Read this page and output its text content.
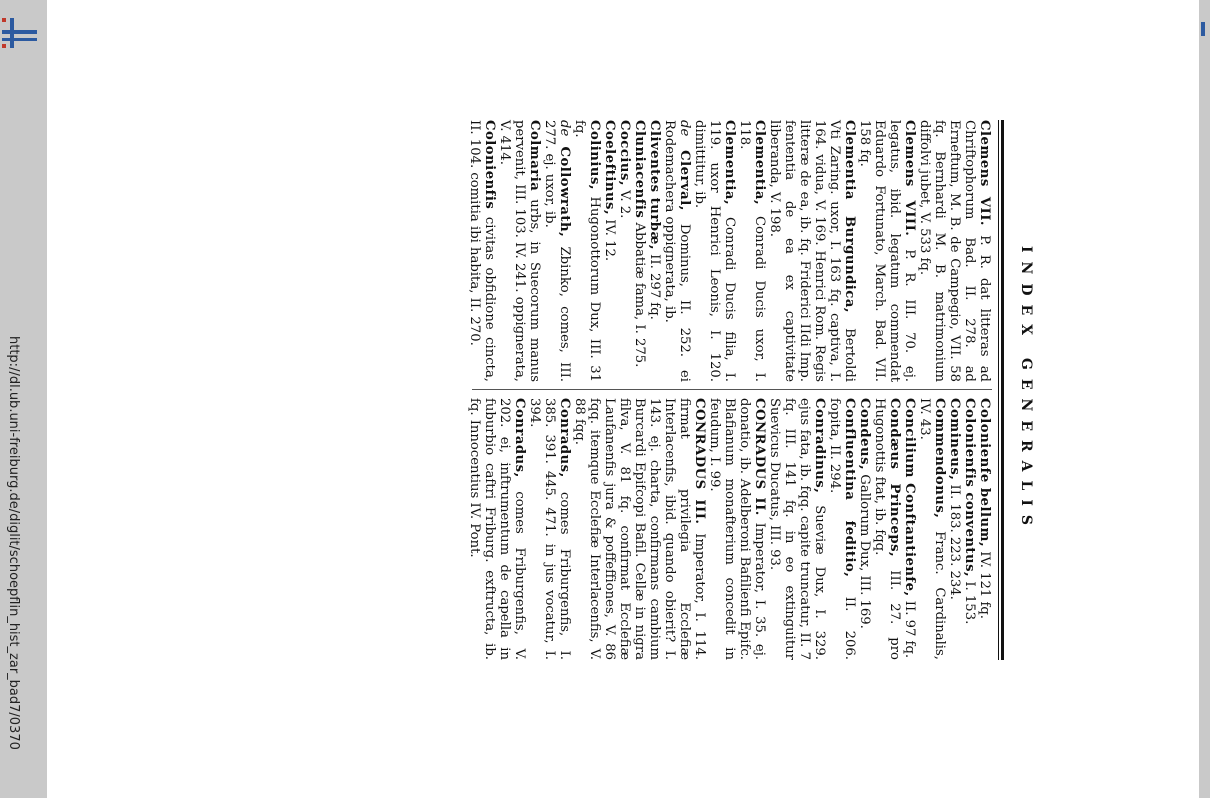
http://dl.ub.uni-freiburg.de/diglit/schoepflin_hist_zar_bad7/0370	INDEX GENERALIS

Clemens VII. P. R. dat litteras ad Chriftophorum Bad. II. 278. ad Erneftum, M. B. de Campegio, VII. 58 fq. Bernhardi M. B. matrimonium diffolvi jubet, V. 533 fq.

Clemens VIII. P. R. III. 70. ej. legatus, ibid. legatum commendat Eduardo Fortunato, March. Bad. VII. 158 fq.

Clementia Burgundica, Bertoldi Vti Zaring. uxor, I. 163 fq. captiva, I. 164. vidua, V. 169. Henrici Rom. Regis litteræ de ea, ib. fq. Friderici IIdi Imp. fententia de ea ex captivitate liberanda, V. 198.

Clementia, Conradi Ducis uxor, I. 118.

Clementia, Conradi Ducis filia, I. 119. uxor Henrici Leonis, I. 120. dimittitur, ib.

de Clerval, Dominus, II. 252. ei Rodemachera oppignerata, ib.

Cliventes turbæ, II. 297 fq.

Cluniacenfis Abbatiæ fama, I. 275.

Coccius, V. 2.

Coeleftinus, IV. 12.

Colinius, Hugonottorum Dux, III. 31 fq.

de Collowrath, Zbinko, comes, III. 277. ej. uxor, ib.

Colmaria urbs, in Suecorum manus pervenit, III. 103. IV. 241. oppignerata, V. 414.

Colonienfis civitas obfidione cincta, II. 104. comitia ibi habita, II. 270.

Colonienfe bellum, IV. 121 fq.

Colonienfis conventus, I. 153.

Comineus, II. 183. 223. 234.

Commendonus, Franc. Cardinalis, IV. 43.

Concilium Conftantienfe, II. 97 fq.

Condæus Princeps, III. 27. pro Hugonottis ftat, ib. fqq.

Condeus, Gallorum Dux, III. 169.

Confluentina feditio, II. 206. fopita, II. 294.

Conradinus, Sueviæ Dux, I. 329. ejus fata, ib. fqq. capite truncatur, II. 7 fq. III. 141 fq. in eo extinguitur Suevicus Ducatus, III. 93.

CONRADUS II. Imperator, I. 35. ej. donatio, ib. Adelberoni Bafilienfi Epifc. Blafianum monafterium concedit in feudum, I. 99.

CONRADUS III. Imperator, I. 114. firmat privilegia Ecclefiæ Interlacenfis, ibid. quando obierit? I. 143. ej. charta, confirmans cambium Burcardi Epifcopi Bafil. Cellæ in nigra filva, V. 81 fq. confirmat Ecclefiæ Laufanenfis jura & poffeffiones, V. 86 fqq. itemque Ecclefiæ Interlacenfis, V. 88 fqq.

Conradus, comes Friburgenfis, I. 385. 391. 445. 471. in jus vocatur, I. 394.

Conradus, comes Friburgenfis, V. 202. ei, inftrumentum de capella in fuburbio caftri Friburg. exftructa, ib. fq. Innocentius IV. Pont.
